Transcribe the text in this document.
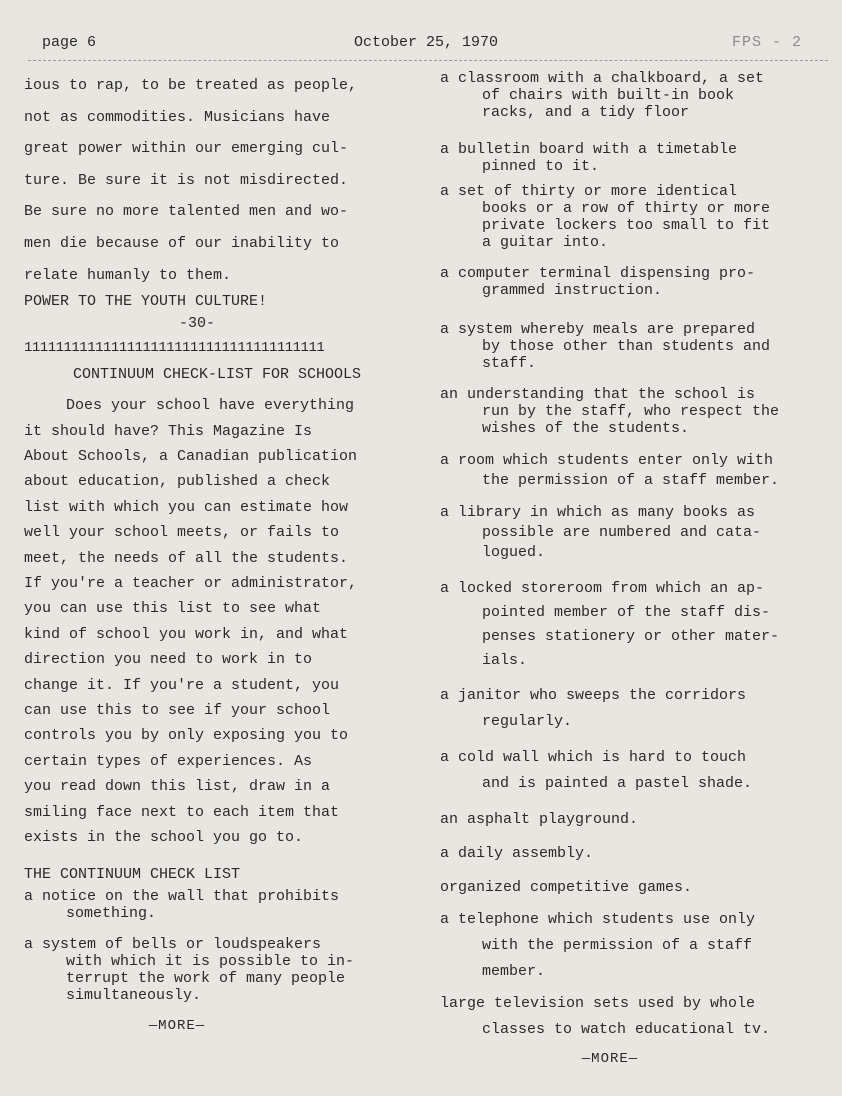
page 6	October 25, 1970	FPS - 2

ious to rap, to be treated as people,

not as commodities. Musicians have

great power within our emerging cul-

ture. Be sure it is not misdirected.

Be sure no more talented men and wo-

men die because of our inability to

relate humanly to them.

POWER TO THE YOUTH CULTURE!

-30-

11111111111111111111111111111111111111

CONTINUUM CHECK-LIST FOR SCHOOLS

Does your school have everything

it should have? This Magazine Is

About Schools, a Canadian publication

about education, published a check

list with which you can estimate how

well your school meets, or fails to

meet, the needs of all the students.

If you're a teacher or administrator,

you can use this list to see what

kind of school you work in, and what

direction you need to work in to

change it. If you're a student, you

can use this to see if your school

controls you by only exposing you to

certain types of experiences. As

you read down this list, draw in a

smiling face next to each item that

exists in the school you go to.

THE CONTINUUM CHECK LIST

a notice on the wall that prohibits
something.
a system of bells or loudspeakers
with which it is possible to in-
terrupt the work of many people
simultaneously.

—MORE—

a classroom with a chalkboard, a set
of chairs with built-in book
racks, and a tidy floor
a bulletin board with a timetable
pinned to it.
a set of thirty or more identical
books or a row of thirty or more
private lockers too small to fit
a guitar into.
a computer terminal dispensing pro-
grammed instruction.
a system whereby meals are prepared
by those other than students and
staff.
an understanding that the school is
run by the staff, who respect the
wishes of the students.
a room which students enter only with
the permission of a staff member.
a library in which as many books as
possible are numbered and cata-
logued.
a locked storeroom from which an ap-
pointed member of the staff dis-
penses stationery or other mater-
ials.
a janitor who sweeps the corridors
regularly.
a cold wall which is hard to touch
and is painted a pastel shade.
an asphalt playground.
a daily assembly.
organized competitive games.
a telephone which students use only
with the permission of a staff
member.
large television sets used by whole
classes to watch educational tv.

—MORE—
